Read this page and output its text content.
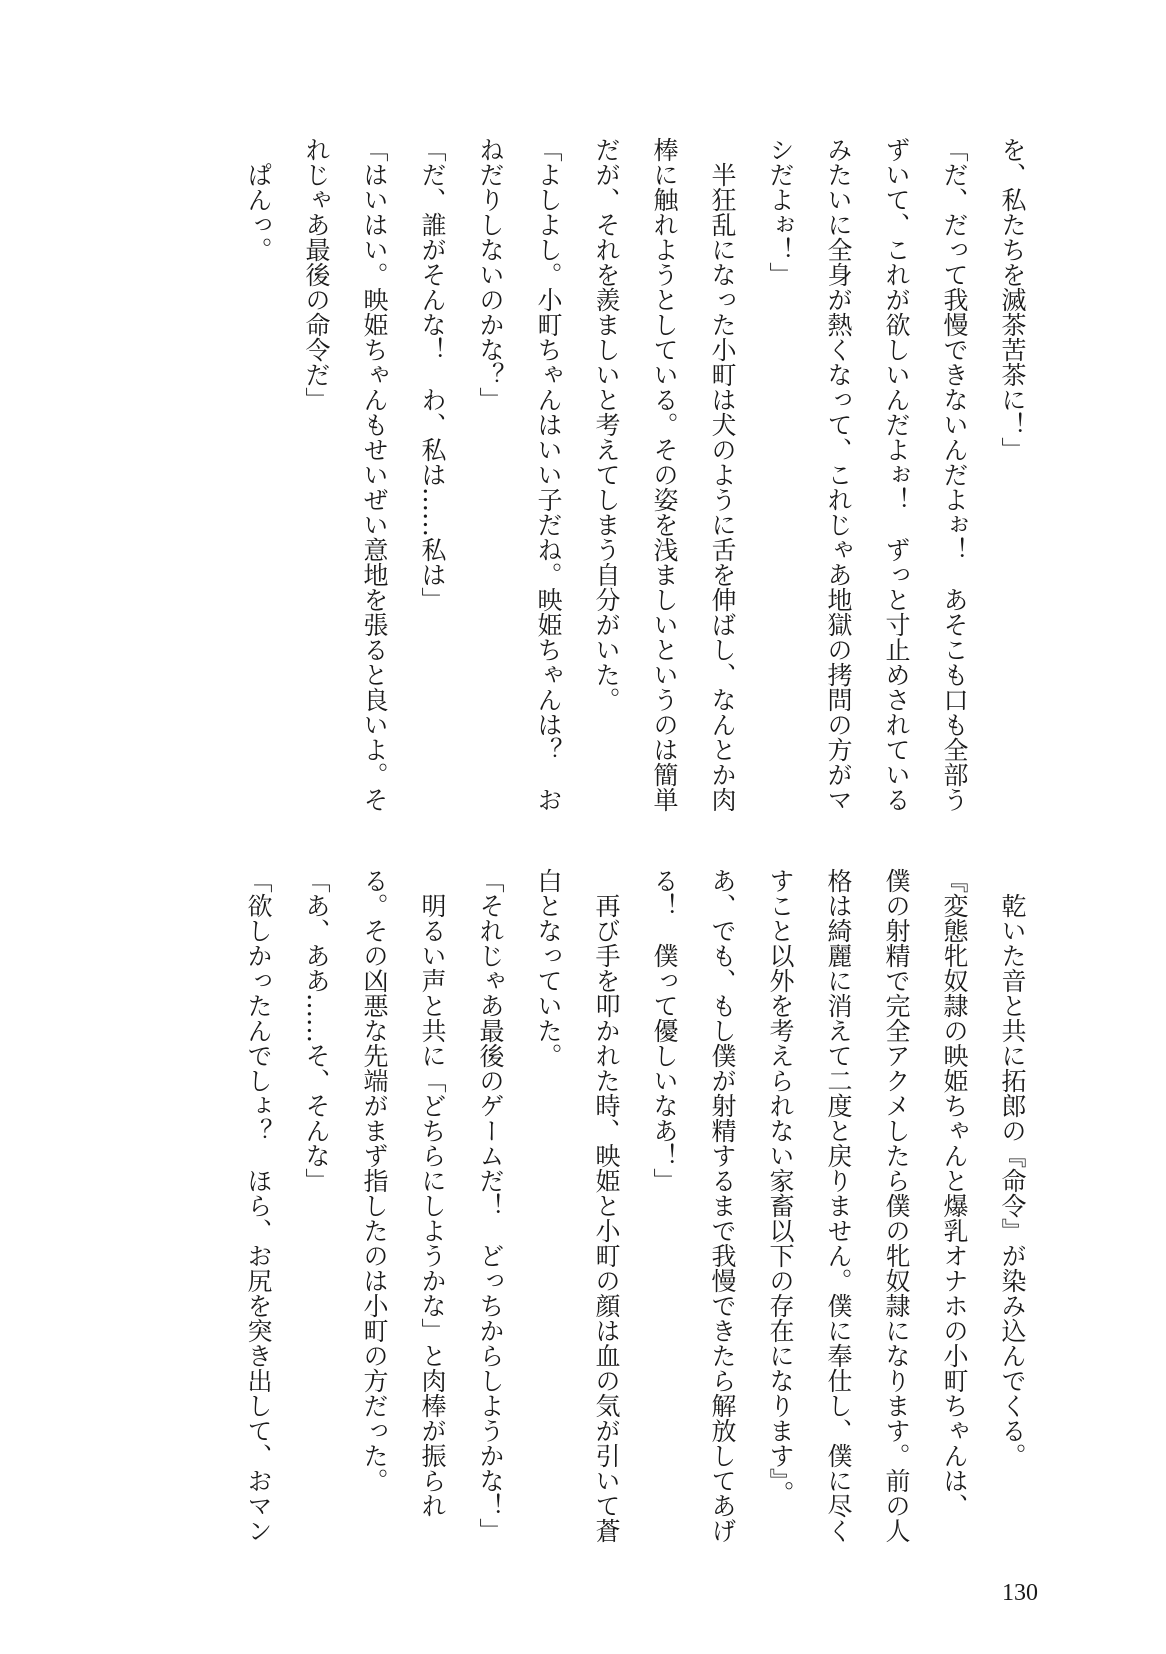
を、私たちを滅茶苦茶に！」
「だ、だって我慢できないんだよぉ！　あそこも口も全部う
ずいて、これが欲しいんだよぉ！　ずっと寸止めされている
みたいに全身が熱くなって、これじゃあ地獄の拷問の方がマ
シだよぉ！」
　半狂乱になった小町は犬のように舌を伸ばし、なんとか肉
棒に触れようとしている。その姿を浅ましいというのは簡単
だが、それを羨ましいと考えてしまう自分がいた。
「よしよし。小町ちゃんはいい子だね。映姫ちゃんは？　お
ねだりしないのかな？」
「だ、誰がそんな！　わ、私は……私は」
「はいはい。映姫ちゃんもせいぜい意地を張ると良いよ。そ
れじゃあ最後の命令だ」
　ぱんっ。
　乾いた音と共に拓郎の『命令』が染み込んでくる。
『変態牝奴隷の映姫ちゃんと爆乳オナホの小町ちゃんは、
僕の射精で完全アクメしたら僕の牝奴隷になります。前の人
格は綺麗に消えて二度と戻りません。僕に奉仕し、僕に尽く
すこと以外を考えられない家畜以下の存在になります』。
あ、でも、もし僕が射精するまで我慢できたら解放してあげ
る！　僕って優しいなあ！」
　再び手を叩かれた時、映姫と小町の顔は血の気が引いて蒼
白となっていた。
「それじゃあ最後のゲームだ！　どっちからしようかな！」
　明るい声と共に「どちらにしようかな」と肉棒が振られ
る。その凶悪な先端がまず指したのは小町の方だった。
「あ、ああ……そ、そんな」
「欲しかったんでしょ？　ほら、お尻を突き出して、おマン
130
